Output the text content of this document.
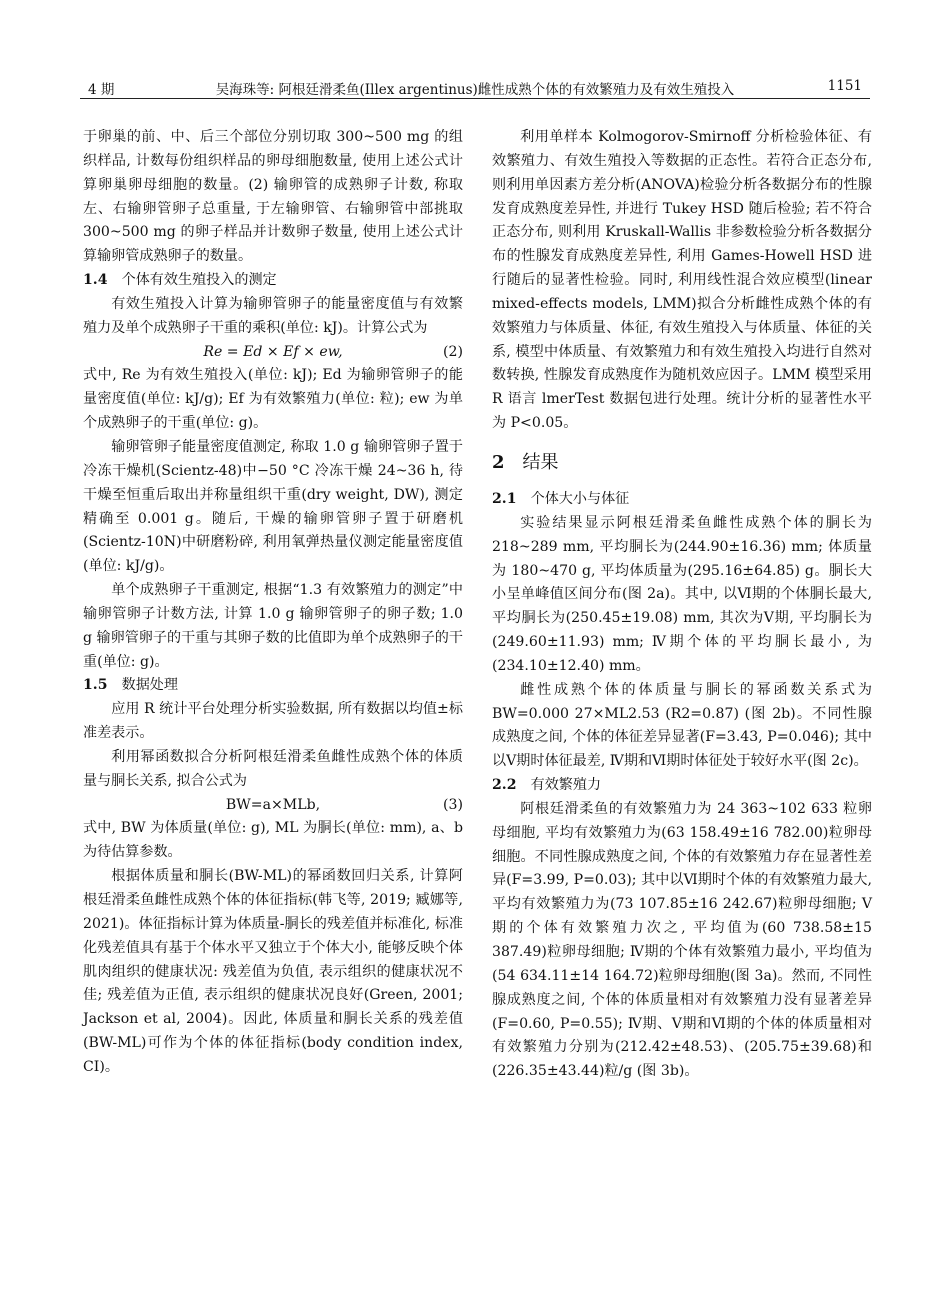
4 期	吴海珠等: 阿根廷滑柔鱼(Illex argentinus)雌性成熟个体的有效繁殖力及有效生殖投入	1151

于卵巢的前、中、后三个部位分别切取 300~500 mg 的组织样品, 计数每份组织样品的卵母细胞数量, 使用上述公式计算卵巢卵母细胞的数量。(2) 输卵管的成熟卵子计数, 称取左、右输卵管卵子总重量, 于左输卵管、右输卵管中部挑取 300~500 mg 的卵子样品并计数卵子数量, 使用上述公式计算输卵管成熟卵子的数量。

1.4 个体有效生殖投入的测定

有效生殖投入计算为输卵管卵子的能量密度值与有效繁殖力及单个成熟卵子干重的乘积(单位: kJ)。计算公式为

Re = Ed × Ef × ew,	(2)

式中, Re 为有效生殖投入(单位: kJ); Ed 为输卵管卵子的能量密度值(单位: kJ/g); Ef 为有效繁殖力(单位: 粒); ew 为单个成熟卵子的干重(单位: g)。

输卵管卵子能量密度值测定, 称取 1.0 g 输卵管卵子置于冷冻干燥机(Scientz-48)中−50 °C 冷冻干燥 24~36 h, 待干燥至恒重后取出并称量组织干重(dry weight, DW), 测定精确至 0.001 g。随后, 干燥的输卵管卵子置于研磨机(Scientz-10N)中研磨粉碎, 利用氧弹热量仪测定能量密度值(单位: kJ/g)。

单个成熟卵子干重测定, 根据“1.3 有效繁殖力的测定”中输卵管卵子计数方法, 计算 1.0 g 输卵管卵子的卵子数; 1.0 g 输卵管卵子的干重与其卵子数的比值即为单个成熟卵子的干重(单位: g)。

1.5 数据处理

应用 R 统计平台处理分析实验数据, 所有数据以均值±标准差表示。

利用幂函数拟合分析阿根廷滑柔鱼雌性成熟个体的体质量与胴长关系, 拟合公式为

BW=a×MLb,	(3)

式中, BW 为体质量(单位: g), ML 为胴长(单位: mm), a、b 为待估算参数。

根据体质量和胴长(BW-ML)的幂函数回归关系, 计算阿根廷滑柔鱼雌性成熟个体的体征指标(韩飞等, 2019; 臧娜等, 2021)。体征指标计算为体质量-胴长的残差值并标准化, 标准化残差值具有基于个体水平又独立于个体大小, 能够反映个体肌肉组织的健康状况: 残差值为负值, 表示组织的健康状况不佳; 残差值为正值, 表示组织的健康状况良好(Green, 2001; Jackson et al, 2004)。因此, 体质量和胴长关系的残差值(BW-ML)可作为个体的体征指标(body condition index, CI)。

利用单样本 Kolmogorov-Smirnoff 分析检验体征、有效繁殖力、有效生殖投入等数据的正态性。若符合正态分布, 则利用单因素方差分析(ANOVA)检验分析各数据分布的性腺发育成熟度差异性, 并进行 Tukey HSD 随后检验; 若不符合正态分布, 则利用 Kruskall-Wallis 非参数检验分析各数据分布的性腺发育成熟度差异性, 利用 Games-Howell HSD 进行随后的显著性检验。同时, 利用线性混合效应模型(linear mixed-effects models, LMM)拟合分析雌性成熟个体的有效繁殖力与体质量、体征, 有效生殖投入与体质量、体征的关系, 模型中体质量、有效繁殖力和有效生殖投入均进行自然对数转换, 性腺发育成熟度作为随机效应因子。LMM 模型采用 R 语言 lmerTest 数据包进行处理。统计分析的显著性水平为 P<0.05。

2 结果
2.1 个体大小与体征

实验结果显示阿根廷滑柔鱼雌性成熟个体的胴长为 218~289 mm, 平均胴长为(244.90±16.36) mm; 体质量为 180~470 g, 平均体质量为(295.16±64.85) g。胴长大小呈单峰值区间分布(图 2a)。其中, 以Ⅵ期的个体胴长最大, 平均胴长为(250.45±19.08) mm, 其次为Ⅴ期, 平均胴长为(249.60±11.93) mm; Ⅳ期个体的平均胴长最小, 为(234.10±12.40) mm。

雌性成熟个体的体质量与胴长的幂函数关系式为 BW=0.000 27×ML2.53 (R2=0.87) (图 2b)。不同性腺成熟度之间, 个体的体征差异显著(F=3.43, P=0.046); 其中以Ⅴ期时体征最差, Ⅳ期和Ⅵ期时体征处于较好水平(图 2c)。

2.2 有效繁殖力

阿根廷滑柔鱼的有效繁殖力为 24 363~102 633 粒卵母细胞, 平均有效繁殖力为(63 158.49±16 782.00)粒卵母细胞。不同性腺成熟度之间, 个体的有效繁殖力存在显著性差异(F=3.99, P=0.03); 其中以Ⅵ期时个体的有效繁殖力最大, 平均有效繁殖力为(73 107.85±16 242.67)粒卵母细胞; Ⅴ期的个体有效繁殖力次之, 平均值为(60 738.58±15 387.49)粒卵母细胞; Ⅳ期的个体有效繁殖力最小, 平均值为(54 634.11±14 164.72)粒卵母细胞(图 3a)。然而, 不同性腺成熟度之间, 个体的体质量相对有效繁殖力没有显著差异(F=0.60, P=0.55); Ⅳ期、Ⅴ期和Ⅵ期的个体的体质量相对有效繁殖力分别为(212.42±48.53)、(205.75±39.68)和(226.35±43.44)粒/g (图 3b)。
